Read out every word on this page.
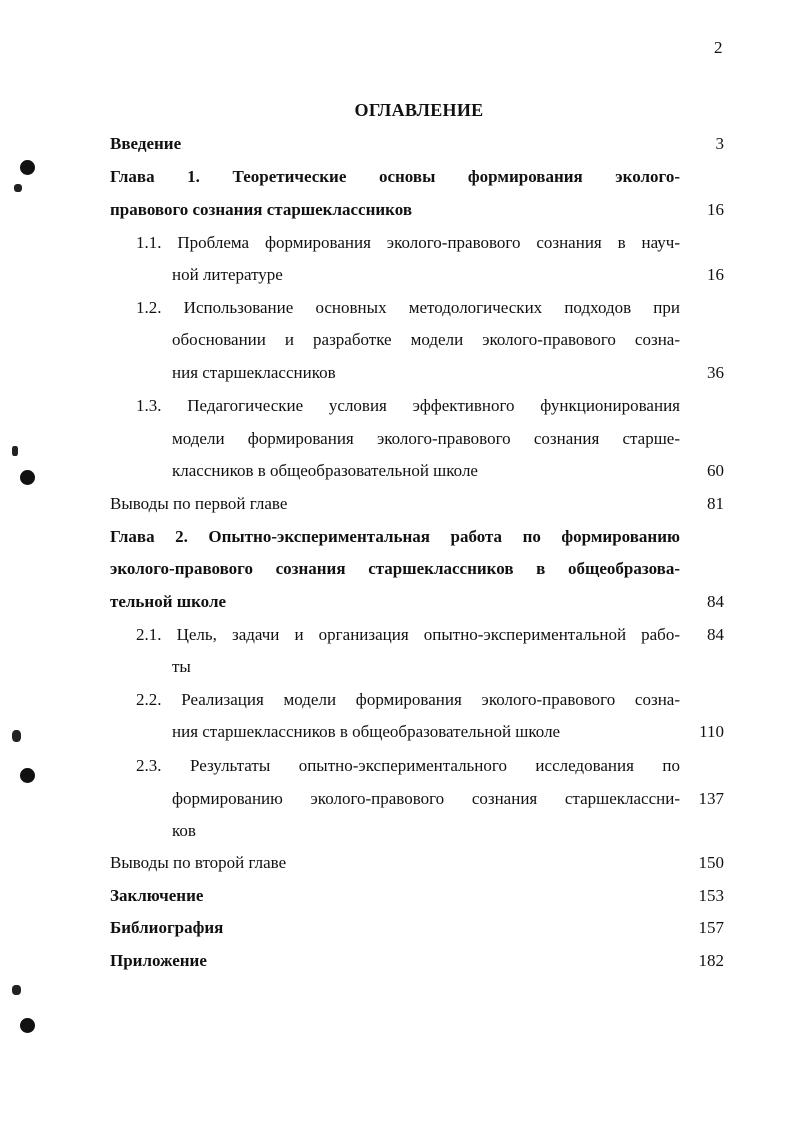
2
ОГЛАВЛЕНИЕ
Введение	3
Глава 1. Теоретические основы формирования эколого-
правового сознания старшеклассников	16
1.1. Проблема формирования эколого-правового сознания в науч-
ной литературе	16
1.2. Использование основных методологических подходов при
обосновании и разработке модели эколого-правового созна-
ния старшеклассников	36
1.3. Педагогические условия эффективного функционирования
модели формирования эколого-правового сознания старше-
классников в общеобразовательной школе	60
Выводы по первой главе	81
Глава 2. Опытно-экспериментальная работа по формированию
эколого-правового сознания старшеклассников в общеобразова-
тельной школе	84
2.1. Цель, задачи и организация опытно-экспериментальной рабо- 84
ты
2.2. Реализация модели формирования эколого-правового созна-
ния старшеклассников в общеобразовательной школе	110
2.3. Результаты опытно-экспериментального исследования по
формированию эколого-правового сознания старшеклассни- 137
ков
Выводы по второй главе	150
Заключение	153
Библиография	157
Приложение	182
